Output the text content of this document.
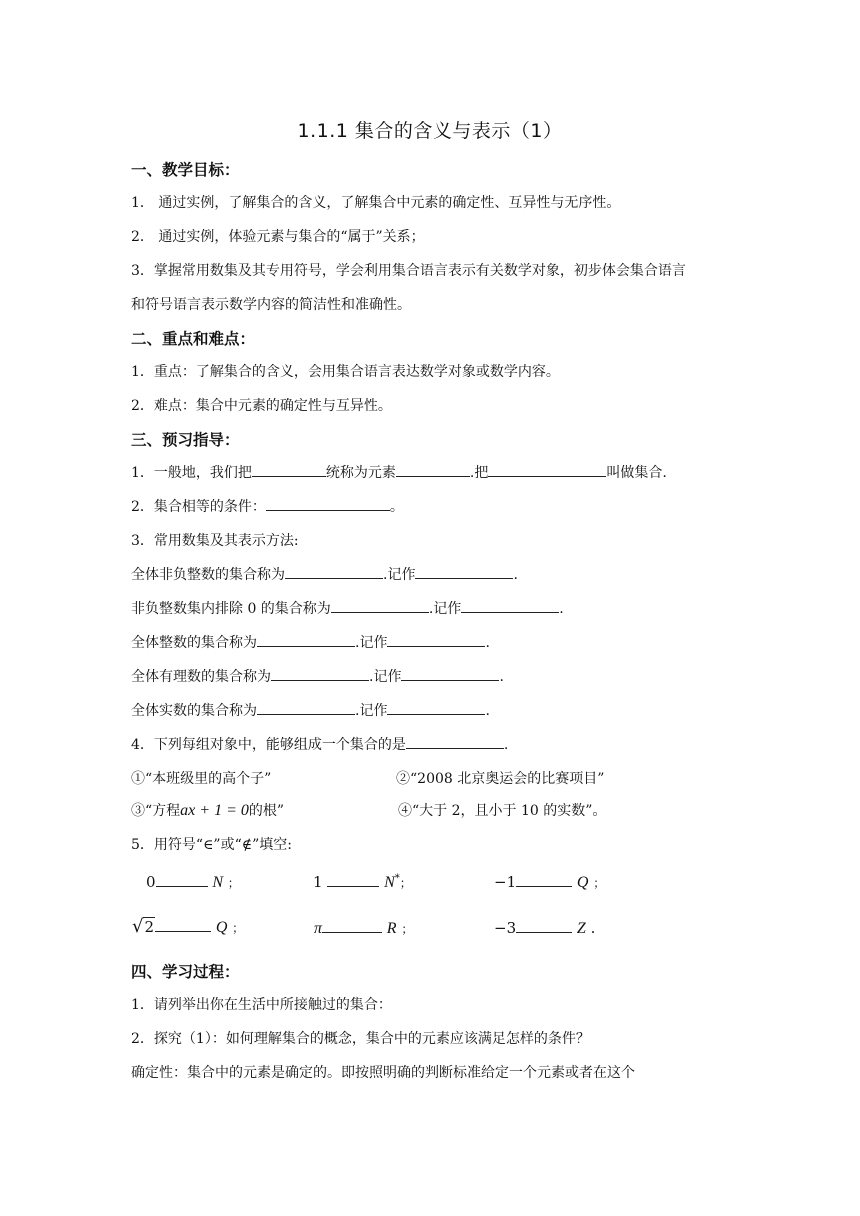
1.1.1 集合的含义与表示（1）
一、教学目标：
1． 通过实例，了解集合的含义，了解集合中元素的确定性、互异性与无序性。
2． 通过实例，体验元素与集合的“属于”关系；
3．掌握常用数集及其专用符号，学会利用集合语言表示有关数学对象，初步体会集合语言
和符号语言表示数学内容的简洁性和准确性。
二、重点和难点：
1．重点：了解集合的含义，会用集合语言表达数学对象或数学内容。
2．难点：集合中元素的确定性与互异性。
三、预习指导：
1．一般地，我们把	统称为元素	.把	叫做集合.
2．集合相等的条件：	。
3．常用数集及其表示方法:
全体非负整数的集合称为	.记作	.
非负整数集内排除 0 的集合称为	.记作	.
全体整数的集合称为	.记作	.
全体有理数的集合称为	.记作	.
全体实数的集合称为	.记作	.
4．下列每组对象中，能够组成一个集合的是	.
①“本班级里的高个子”	②“2008 北京奥运会的比赛项目”
③“方程ax + 1 = 0的根”	④“大于 2，且小于 10 的实数”。
5．用符号“∈”或“∉”填空:
0	N ；	1	N*；	−1	Q ；
√2	Q ；	π	R ；	−3	Z .
四、学习过程：
1．请列举出你在生活中所接触过的集合：
2．探究（1）：如何理解集合的概念，集合中的元素应该满足怎样的条件？
确定性：集合中的元素是确定的。即按照明确的判断标准给定一个元素或者在这个
